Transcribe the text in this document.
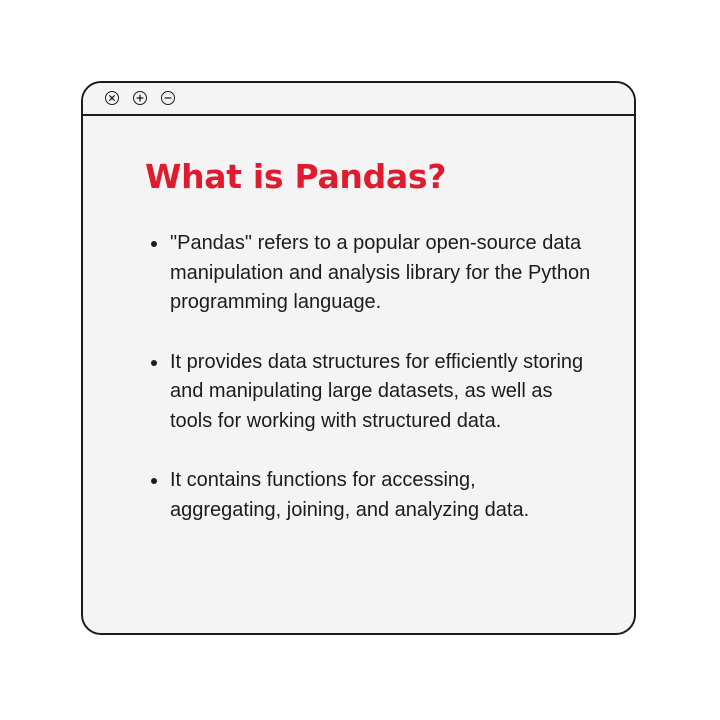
What is Pandas?
"Pandas" refers to a popular open-source data manipulation and analysis library for the Python programming language.
It provides data structures for efficiently storing and manipulating large datasets, as well as tools for working with structured data.
It contains functions for accessing, aggregating, joining, and analyzing data.
